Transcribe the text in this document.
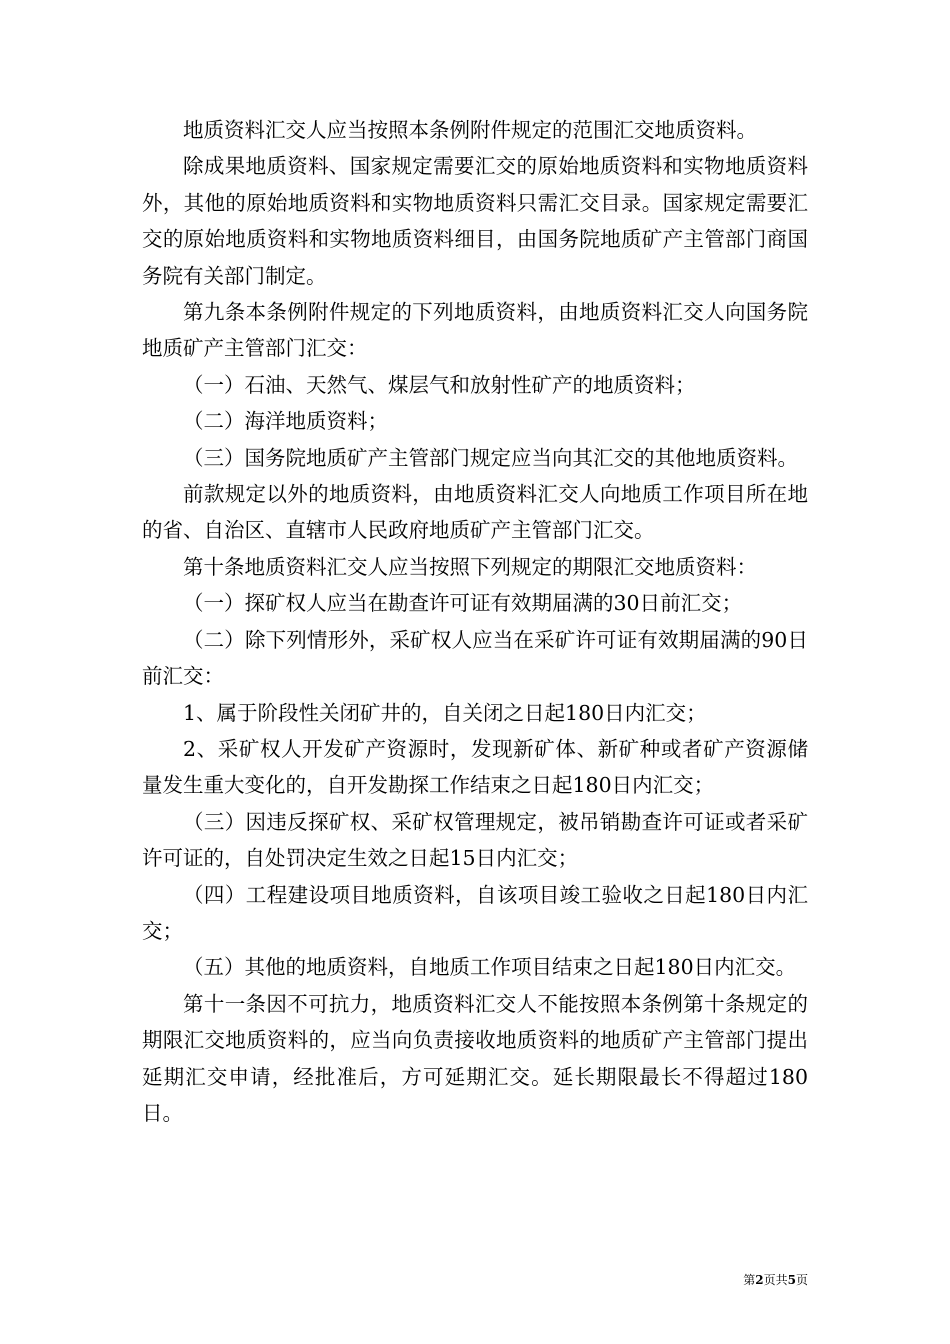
地质资料汇交人应当按照本条例附件规定的范围汇交地质资料。

除成果地质资料、国家规定需要汇交的原始地质资料和实物地质资料外，其他的原始地质资料和实物地质资料只需汇交目录。国家规定需要汇交的原始地质资料和实物地质资料细目，由国务院地质矿产主管部门商国务院有关部门制定。

第九条本条例附件规定的下列地质资料，由地质资料汇交人向国务院地质矿产主管部门汇交：

（一）石油、天然气、煤层气和放射性矿产的地质资料；

（二）海洋地质资料；

（三）国务院地质矿产主管部门规定应当向其汇交的其他地质资料。

前款规定以外的地质资料，由地质资料汇交人向地质工作项目所在地的省、自治区、直辖市人民政府地质矿产主管部门汇交。

第十条地质资料汇交人应当按照下列规定的期限汇交地质资料：

（一）探矿权人应当在勘查许可证有效期届满的30日前汇交；

（二）除下列情形外，采矿权人应当在采矿许可证有效期届满的90日前汇交：

1、属于阶段性关闭矿井的，自关闭之日起180日内汇交；

2、采矿权人开发矿产资源时，发现新矿体、新矿种或者矿产资源储量发生重大变化的，自开发勘探工作结束之日起180日内汇交；

（三）因违反探矿权、采矿权管理规定，被吊销勘查许可证或者采矿许可证的，自处罚决定生效之日起15日内汇交；

（四）工程建设项目地质资料，自该项目竣工验收之日起180日内汇交；

（五）其他的地质资料，自地质工作项目结束之日起180日内汇交。

第十一条因不可抗力，地质资料汇交人不能按照本条例第十条规定的期限汇交地质资料的，应当向负责接收地质资料的地质矿产主管部门提出延期汇交申请，经批准后，方可延期汇交。延长期限最长不得超过180日。

第2页共5页
